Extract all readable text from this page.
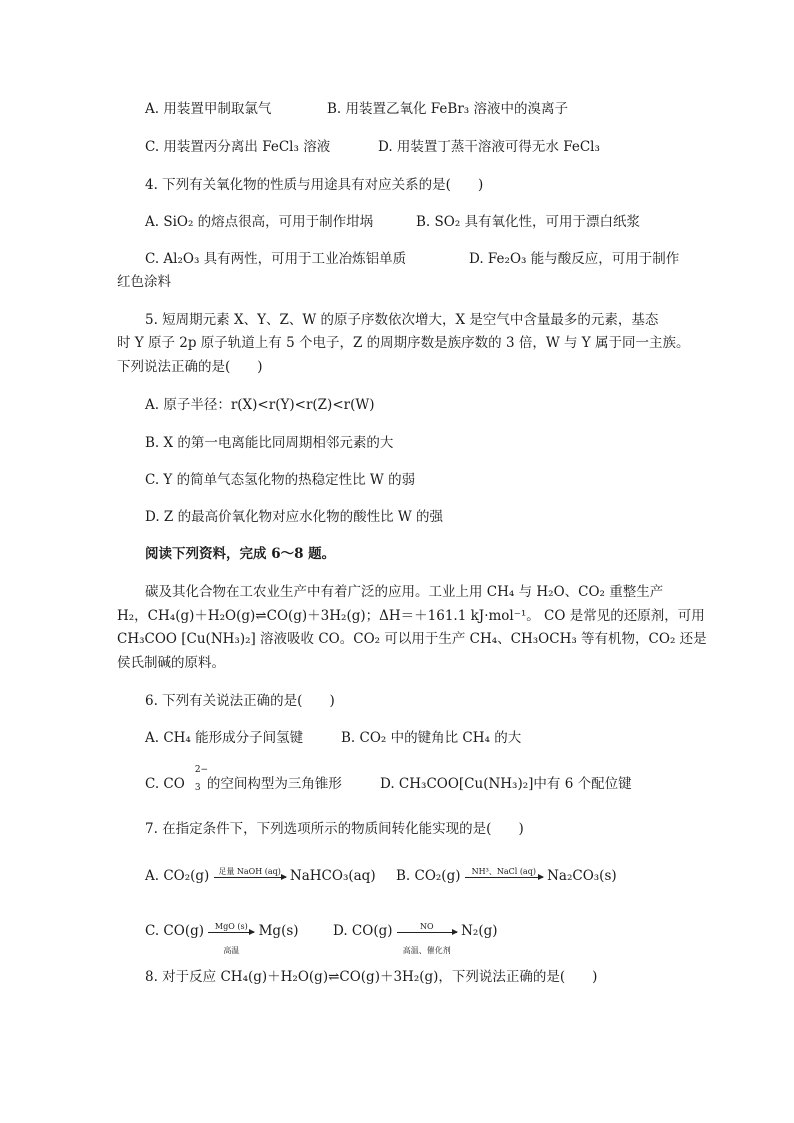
A. 用装置甲制取氯气	B. 用装置乙氧化 FeBr₃ 溶液中的溴离子
C. 用装置丙分离出 FeCl₃ 溶液	D. 用装置丁蒸干溶液可得无水 FeCl₃
4. 下列有关氧化物的性质与用途具有对应关系的是(　　)
A. SiO₂ 的熔点很高，可用于制作坩埚	B. SO₂ 具有氧化性，可用于漂白纸浆
C. Al₂O₃ 具有两性，可用于工业冶炼铝单质	D. Fe₂O₃ 能与酸反应，可用于制作
红色涂料
5. 短周期元素 X、Y、Z、W 的原子序数依次增大，X 是空气中含量最多的元素，基态
时 Y 原子 2p 原子轨道上有 5 个电子，Z 的周期序数是族序数的 3 倍，W 与 Y 属于同一主族。
下列说法正确的是(　　)
A. 原子半径：r(X)<r(Y)<r(Z)<r(W)
B. X 的第一电离能比同周期相邻元素的大
C. Y 的简单气态氢化物的热稳定性比 W 的弱
D. Z 的最高价氧化物对应水化物的酸性比 W 的强
阅读下列资料，完成 6～8 题。
碳及其化合物在工农业生产中有着广泛的应用。工业上用 CH₄ 与 H₂O、CO₂ 重整生产
H₂，CH₄(g)＋H₂O(g)⇌CO(g)＋3H₂(g)；ΔH＝＋161.1 kJ·mol⁻¹。 CO 是常见的还原剂，可用
CH₃COO [Cu(NH₃)₂] 溶液吸收 CO。CO₂ 可以用于生产 CH₄、CH₃OCH₃ 等有机物，CO₂ 还是
侯氏制碱的原料。
6. 下列有关说法正确的是(　　)
A. CH₄ 能形成分子间氢键	B. CO₂ 中的键角比 CH₄ 的大
C. CO
2−
3 的空间构型为三角锥形	D. CH₃COO[Cu(NH₃)₂]中有 6 个配位键
7. 在指定条件下，下列选项所示的物质间转化能实现的是(　　)
A. CO₂(g)	足量 NaOH (aq) NaHCO₃(aq) B. CO₂(g)	NH³、NaCl (aq) Na₂CO₃(s)
C. CO(g)	MgO (s)
高温
Mg(s)	D. CO(g)	NO
高温、催化剂
N₂(g)
8. 对于反应 CH₄(g)＋H₂O(g)⇌CO(g)＋3H₂(g)，下列说法正确的是(　　)
